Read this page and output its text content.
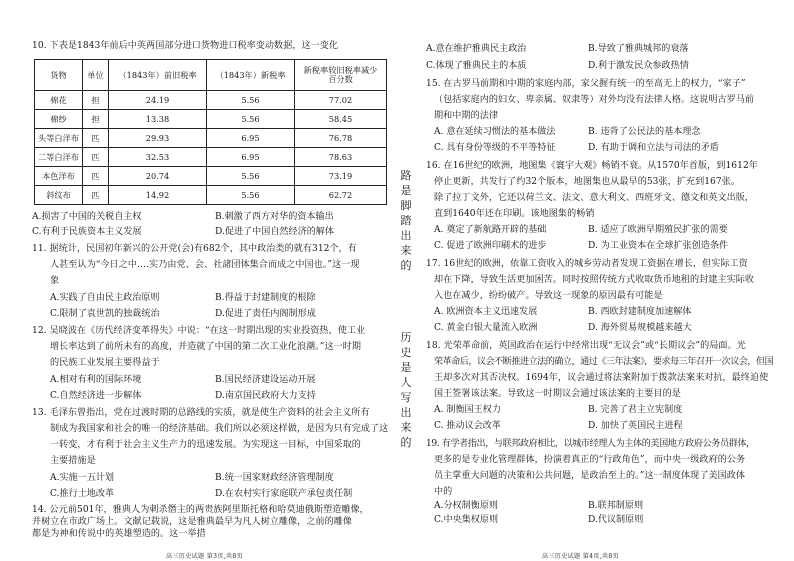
10. 下表是1843年前后中英两国部分进口货物进口税率变动数据，这一变化

货物	单位	（1843年）前旧税率	（1843年）新税率	新税率较旧税率减少百分数
棉花	担	24.19	5.56	77.02
棉纱	担	13.38	5.56	58.45
头等白洋布	匹	29.93	6.95	76.78
二等白洋布	匹	32.53	6.95	78.63
本色洋布	匹	20.74	5.56	73.19
斜纹布	匹	14.92	5.56	62.72

A.损害了中国的关税自主权	B.刺激了西方对华的资本输出

C.有利于民族资本主义发展	D.促进了中国自然经济的解体

11. 据统计，民国初年新兴的公开党(会)有682个，其中政治类的就有312个，有

人甚至认为“今日之中….实乃由党、会、社諸団体集合而成之中国也。”这一现

象

A.实践了自由民主政治原则	B.得益于封建制度的根除

C.限制了袁世凯的独裁统治	D.促进了责任内阁制形成

12. 吴晓波在《历代经济变革得失》中说：“在这一时期出现的实业投资热，使工业

增长率达到了前所未有的高度，并造就了中国的第二次工业化浪潮。”这一时期

的民族工业发展主要得益于

A.相对有利的国际环境	B.国民经济建设运动开展

C.自然经济进一步解体	D.南京国民政府大力支持

13. 毛泽东曾指出，党在过渡时期的总路线的实质，就是使生产资料的社会主义所有

制成为我国家和社会的唯一的经济基础。我们所以必须这样做，是因为只有完成了这

一转变，才有利于社会主义生产力的迅速发展。为实现这一目标，中国采取的

主要措施是

A.实施一五计划	B.统一国家财政经济管理制度

C.推行土地改革	D.在农村实行家庭联产承包责任制

14. 公元前501年，雅典人为刺杀僭主的两贵族阿里斯托格和哈莫迪俄斯塑造雕像，

高三历史试题 第3页,共8页

路是脚踏出来的
历史是人写出来的

A.意在维护雅典民主政治	B.导致了雅典城邦的衰落

C.体现了雅典民主的本质	D.利于激发民众参政热情

15. 在古罗马前期和中期的家庭内部，家父握有统一的至高无上的权力，“家子”

（包括家庭内的妇女、卑亲属、奴隶等）对外均没有法律人格。这说明古罗马前

期和中期的法律

A. 意在延续习惯法的基本做法	B. 违背了公民法的基本理念

C. 具有身份等级的不平等特征	D. 有助于调和立法与司法的矛盾

16. 在16世纪的欧洲，地图集《寰宇大观》畅销不衰。从1570年首版，到1612年

停止更新，共发行了约32个版本，地图集也从最早的53张，扩充到167张。

除了拉丁文外，它还以荷兰文、法文、意大利文、西班牙文、德文和英文出版，

直到1640年还在印刷。该地图集的畅销

A. 奠定了新航路开辟的基础	B. 适应了欧洲早期殖民扩张的需要

C. 促进了欧洲印刷术的进步	D. 为工业资本在全球扩张创造条件

17. 16世纪的欧洲，依靠工资收入的城乡劳动者发现工资据在增长，但实际工资

却在下降，导致生活更加困苦。同时按照传统方式收取货币地租的封建主实际收

入也在减少，纷纷破产。导致这一现象的原因最有可能是

A. 欧洲资本主义迅速发展	B. 西欧封建制度加速解体

C. 黄金白银大量流入欧洲	D. 海外贸易规模越来越大

18. 光荣革命前，英国政治在运行中经常出现“无议会”或“长期议会”的局面。光

荣革命后，议会不断推进立法的确立，通过《三年法案》，要求每三年召开一次议会，但国

王却多次对其否决权。1694年，议会通过将法案附加于拨款法案来对抗，最终迫使

国王签署该法案。导致这一时期议会通过该法案的主要目的是

A. 制衡国王权力	B. 完善了君主立宪制度

C. 推动议会改革	D. 加快了英国民主进程

19. 有学者指出，与联邦政府相比，以城市经理人为主体的美国地方政府公务员群体，

更多的是专业化管理群体，扮演着真正的“行政角色”，而中央一级政府的公务

员主掌重大问题的决策和公共问题，是政治至上的。”这一制度体现了美国政体

中的

A.分权制衡原则	B.联邦制原则

C.中央集权原则	D.代议制原则

高三历史试题 第4页,共8页

并树立在市政广场上。文献记载说，这是雅典最早为凡人树立雕像，之前的雕像

都是为神和传说中的英雄塑造的。这一举措
